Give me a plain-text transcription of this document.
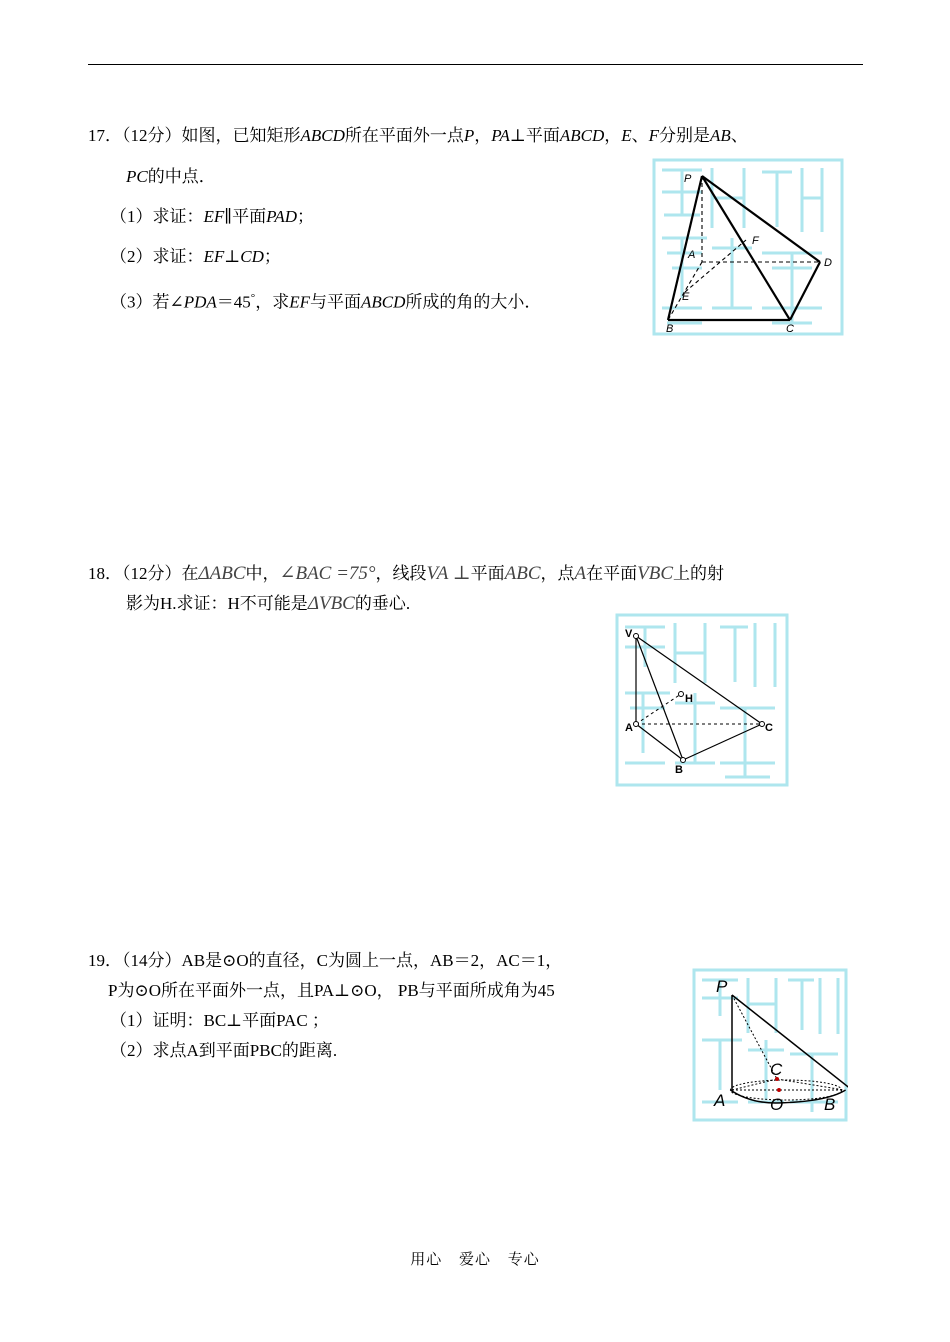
17．（12分）如图，已知矩形ABCD所在平面外一点P，PA⊥平面ABCD，E、F分别是AB、
PC的中点．
（1）求证：EF∥平面PAD；
（2）求证：EF⊥CD；
（3）若∠PDA＝45°，求EF与平面ABCD所成的角的大小．
P
A
F
D
E
B	C
18．（12分）在ΔABC中，∠BAC =75°，线段VA ⊥平面ABC，点A在平面VBC上的射
影为H.求证：H不可能是ΔVBC的垂心.
V
H
A	C
B
19．（14分）AB是⊙O的直径，C为圆上一点，AB＝2，AC＝1，
P为⊙O所在平面外一点，且PA⊥⊙O， PB与平面所成角为45
（1）证明：BC⊥平面PAC ；
（2）求点A到平面PBC的距离.
P
C
A	O B
用心 爱心 专心
